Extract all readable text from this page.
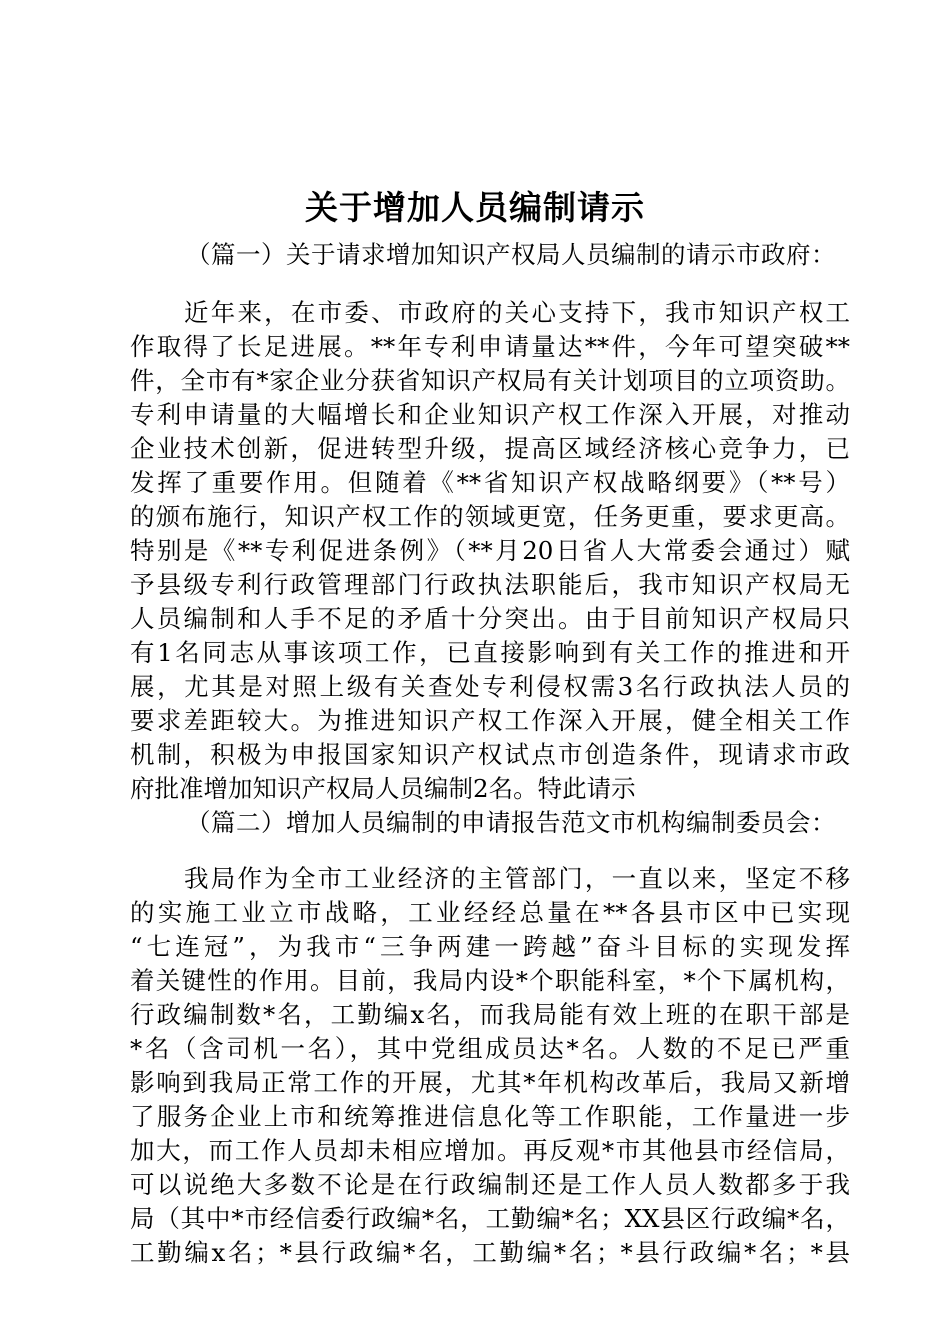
关于增加人员编制请示
（篇一）关于请求增加知识产权局人员编制的请示市政府：
近年来，在市委、市政府的关心支持下，我市知识产权工
作取得了长足进展。**年专利申请量达**件，今年可望突破**
件，全市有*家企业分获省知识产权局有关计划项目的立项资助。
专利申请量的大幅增长和企业知识产权工作深入开展，对推动
企业技术创新，促进转型升级，提高区域经济核心竞争力，已
发挥了重要作用。但随着《**省知识产权战略纲要》（**号）
的颁布施行，知识产权工作的领域更宽，任务更重，要求更高。
特别是《**专利促进条例》（**月20日省人大常委会通过）赋
予县级专利行政管理部门行政执法职能后，我市知识产权局无
人员编制和人手不足的矛盾十分突出。由于目前知识产权局只
有1名同志从事该项工作，已直接影响到有关工作的推进和开
展，尤其是对照上级有关查处专利侵权需3名行政执法人员的
要求差距较大。为推进知识产权工作深入开展，健全相关工作
机制，积极为申报国家知识产权试点市创造条件，现请求市政
府批准增加知识产权局人员编制2名。特此请示
（篇二）增加人员编制的申请报告范文市机构编制委员会：
我局作为全市工业经济的主管部门，一直以来，坚定不移
的实施工业立市战略，工业经经总量在**各县市区中已实现
“七连冠”，为我市“三争两建一跨越”奋斗目标的实现发挥
着关键性的作用。目前，我局内设*个职能科室，*个下属机构，
行政编制数*名，工勤编x名，而我局能有效上班的在职干部是
*名（含司机一名），其中党组成员达*名。人数的不足已严重
影响到我局正常工作的开展，尤其*年机构改革后，我局又新增
了服务企业上市和统筹推进信息化等工作职能，工作量进一步
加大，而工作人员却未相应增加。再反观*市其他县市经信局，
可以说绝大多数不论是在行政编制还是工作人员人数都多于我
局（其中*市经信委行政编*名，工勤编*名；XX县区行政编*名，
工勤编x名；*县行政编*名，工勤编*名；*县行政编*名；*县
